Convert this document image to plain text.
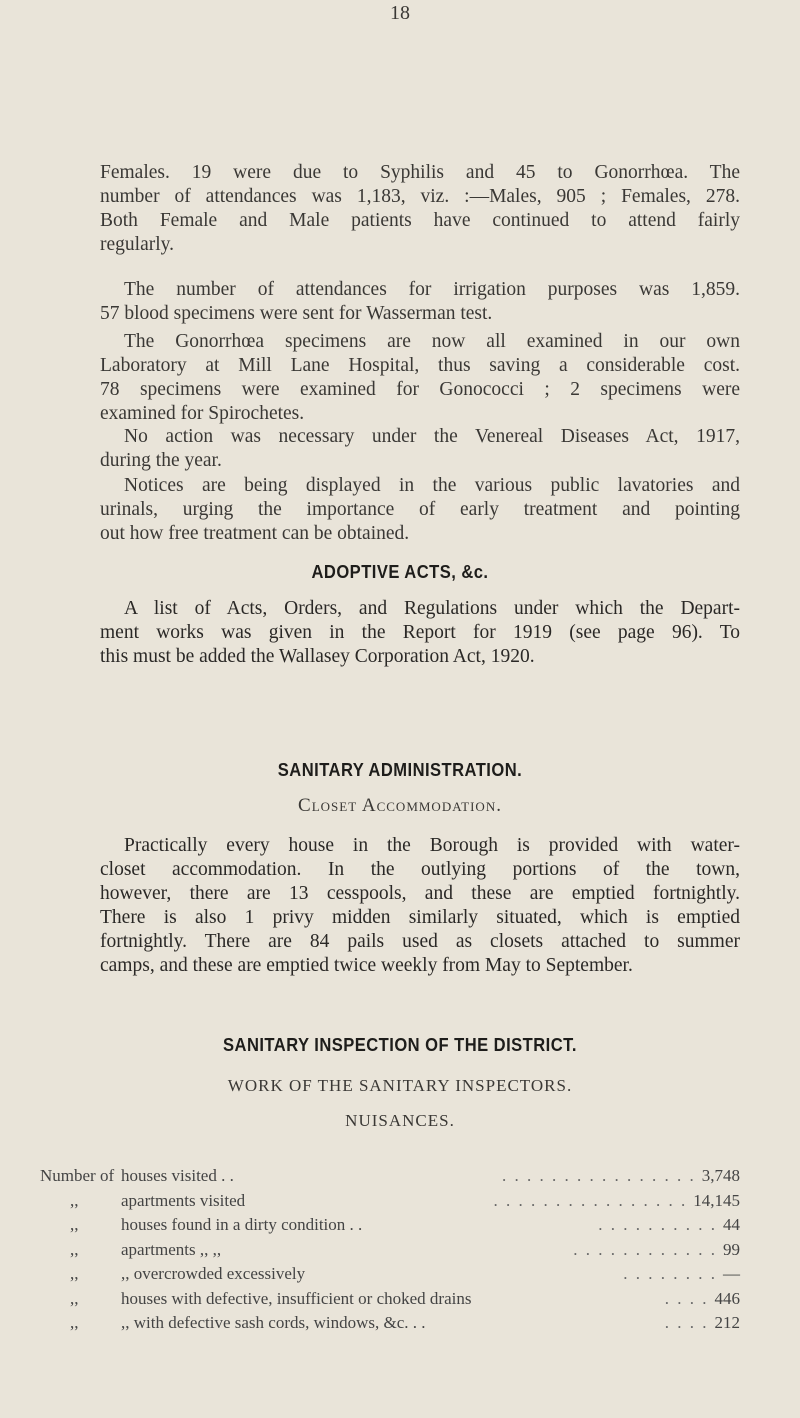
18
Females. 19 were due to Syphilis and 45 to Gonorrhœa. The
number of attendances was 1,183, viz. :—Males, 905 ; Females, 278.
Both Female and Male patients have continued to attend fairly
regularly.
The number of attendances for irrigation purposes was 1,859.
57 blood specimens were sent for Wasserman test.
The Gonorrhœa specimens are now all examined in our own
Laboratory at Mill Lane Hospital, thus saving a considerable cost.
78 specimens were examined for Gonococci ; 2 specimens were
examined for Spirochetes.
No action was necessary under the Venereal Diseases Act, 1917,
during the year.
Notices are being displayed in the various public lavatories and
urinals, urging the importance of early treatment and pointing
out how free treatment can be obtained.
ADOPTIVE ACTS, &c.
A list of Acts, Orders, and Regulations under which the Depart-
ment works was given in the Report for 1919 (see page 96). To
this must be added the Wallasey Corporation Act, 1920.
SANITARY ADMINISTRATION.
Closet Accommodation.
Practically every house in the Borough is provided with water-
closet accommodation. In the outlying portions of the town,
however, there are 13 cesspools, and these are emptied fortnightly.
There is also 1 privy midden similarly situated, which is emptied
fortnightly. There are 84 pails used as closets attached to summer
camps, and these are emptied twice weekly from May to September.
SANITARY INSPECTION OF THE DISTRICT.
WORK OF THE SANITARY INSPECTORS.
NUISANCES.
Number of houses visited . .	. . . . . . . . . . . . . . . . 3,748
,,	apartments visited	. . . . . . . . . . . . . . . . 14,145
,,	houses found in a dirty condition . .	. . . . . . . . . . 44
,,	apartments ,, ,,	. . . . . . . . . . . . 99
,,	,, overcrowded excessively	. . . . . . . . —
,,	houses with defective, insufficient or choked drains	. . . . 446
,,	,, with defective sash cords, windows, &c. . .	. . . . 212
